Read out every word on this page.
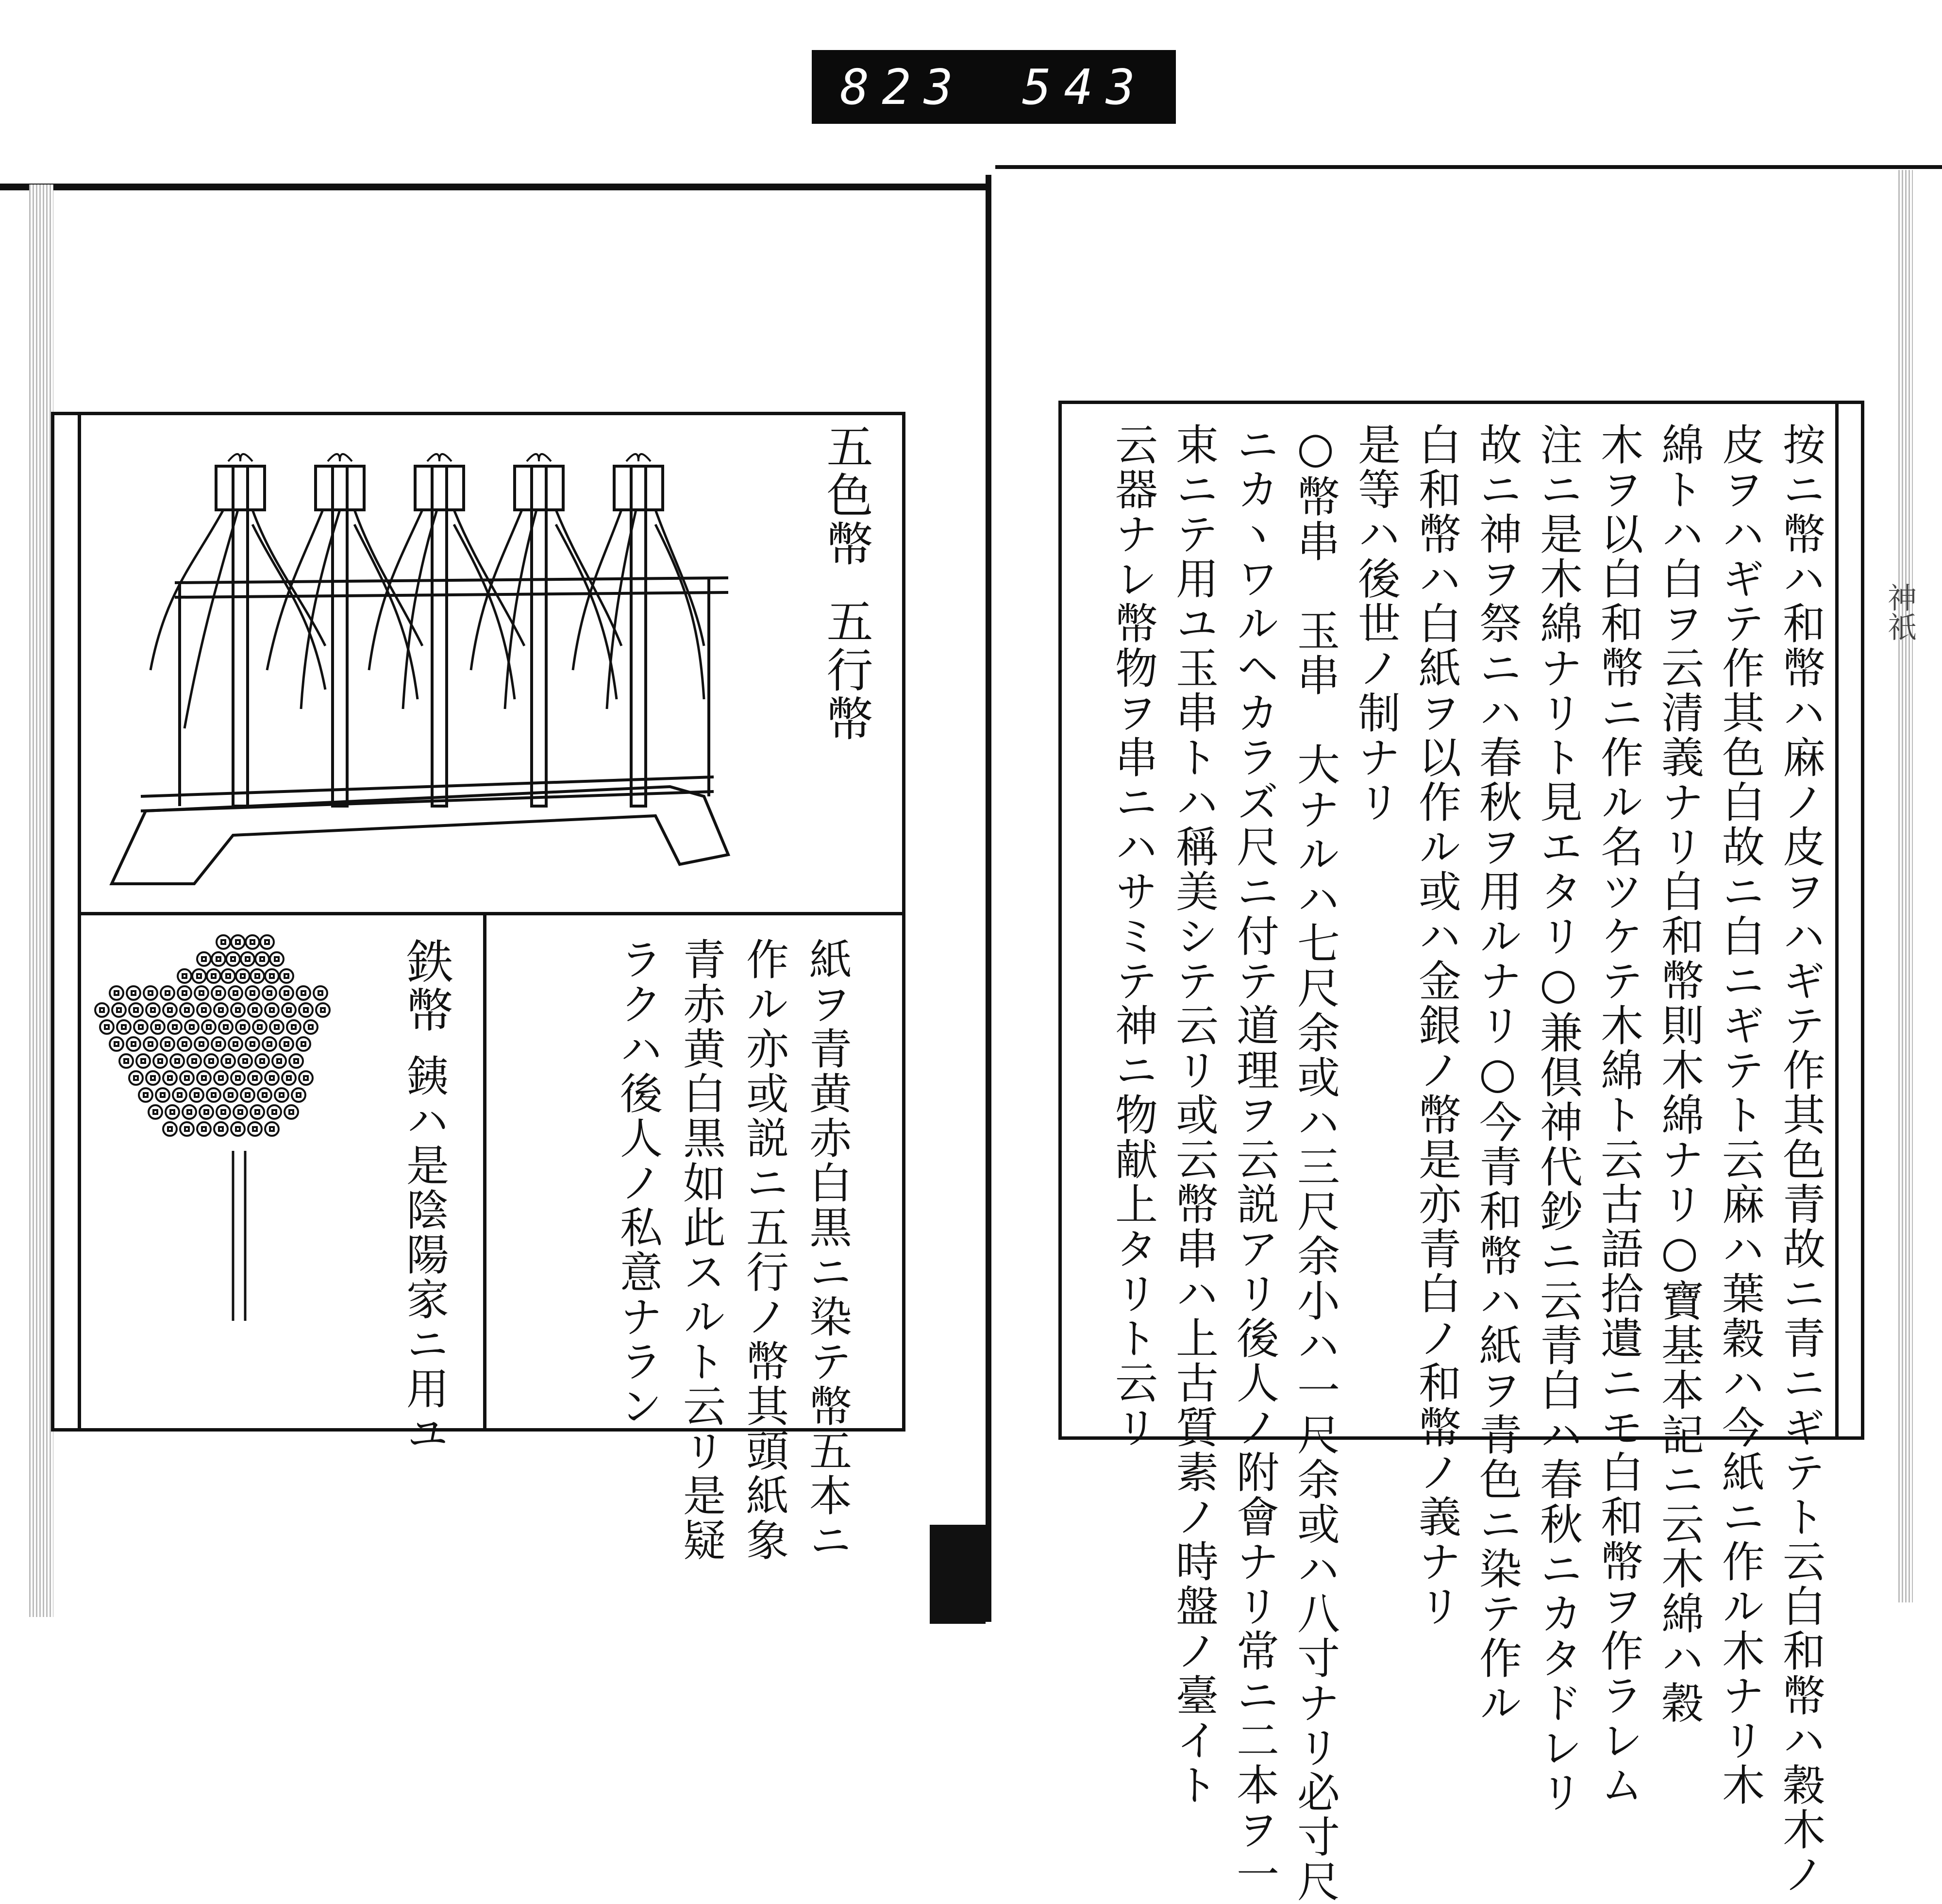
823 543
神祇
五色幣
五行幣
鉄幣
銕ハ是陰陽家ニ用ユ	紙ヲ青黄赤白黒ニ染テ幣五本ニ
作ル亦或説ニ五行ノ幣其頭紙象
青赤黄白黒如此スルト云リ是疑
ラクハ後人ノ私意ナラン	按ニ幣ハ和幣ハ麻ノ皮ヲハギテ作其色青故ニ青ニギテト云白和幣ハ穀木ノ
皮ヲハギテ作其色白故ニ白ニギテト云麻ハ葉穀ハ今紙ニ作ル木ナリ木
綿トハ白ヲ云清義ナリ白和幣則木綿ナリ○寶基本記ニ云木綿ハ穀
木ヲ以白和幣ニ作ル名ツケテ木綿ト云古語拾遺ニモ白和幣ヲ作ラレム
注ニ是木綿ナリト見エタリ○兼倶神代鈔ニ云青白ハ春秋ニカタドレリ
故ニ神ヲ祭ニハ春秋ヲ用ルナリ○今青和幣ハ紙ヲ青色ニ染テ作ル
白和幣ハ白紙ヲ以作ル或ハ金銀ノ幣是亦青白ノ和幣ノ義ナリ
是等ハ後世ノ制ナリ
○幣串　玉串　大ナルハ七尺余或ハ三尺余小ハ一尺余或ハ八寸ナリ必寸尺
ニカヽワルヘカラズ尺ニ付テ道理ヲ云説アリ後人ノ附會ナリ常ニ二本ヲ一
束ニテ用ユ玉串トハ稱美シテ云リ或云幣串ハ上古質素ノ時盤ノ臺イト
云器ナレ幣物ヲ串ニハサミテ神ニ物献上タリト云リ
